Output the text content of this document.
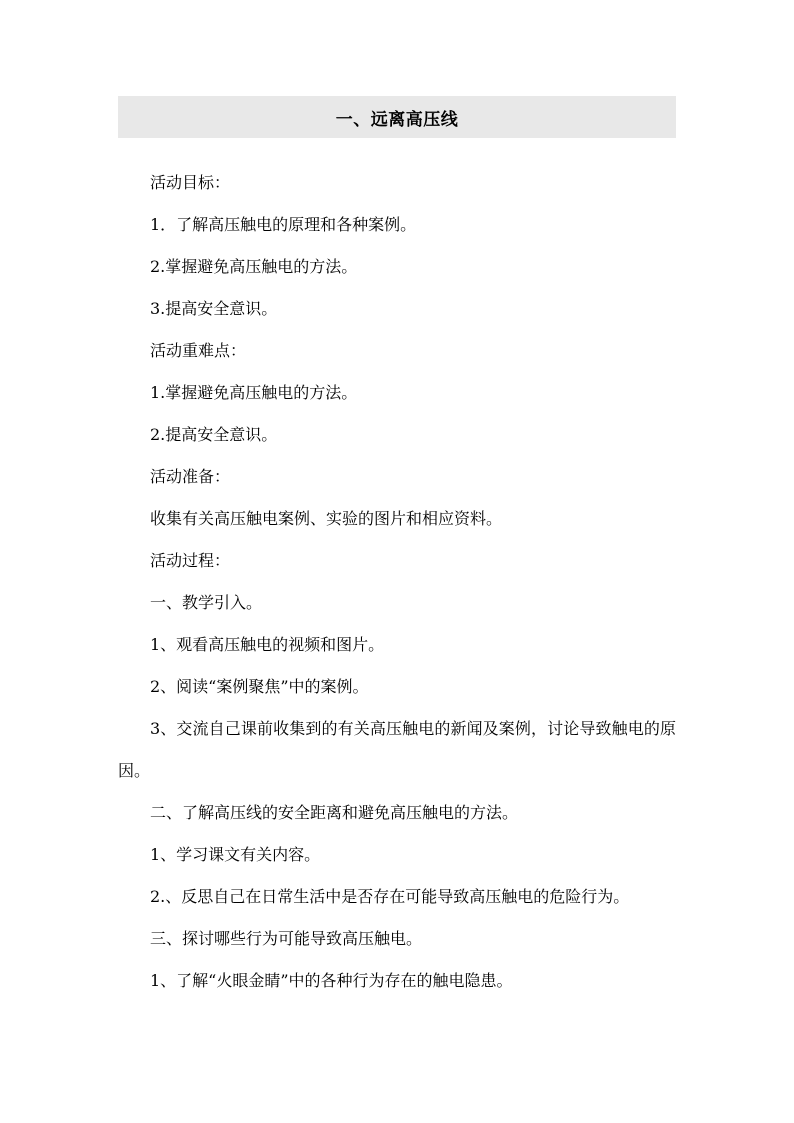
一、远离高压线

活动目标：

1．了解高压触电的原理和各种案例。

2.掌握避免高压触电的方法。

3.提高安全意识。

活动重难点：

1.掌握避免高压触电的方法。

2.提高安全意识。

活动准备：

收集有关高压触电案例、实验的图片和相应资料。

活动过程：

一、教学引入。

1、观看高压触电的视频和图片。

2、阅读“案例聚焦”中的案例。

3、交流自己课前收集到的有关高压触电的新闻及案例，讨论导致触电的原因。

二、了解高压线的安全距离和避免高压触电的方法。

1、学习课文有关内容。

2.、反思自己在日常生活中是否存在可能导致高压触电的危险行为。

三、探讨哪些行为可能导致高压触电。

1、了解“火眼金睛”中的各种行为存在的触电隐患。
